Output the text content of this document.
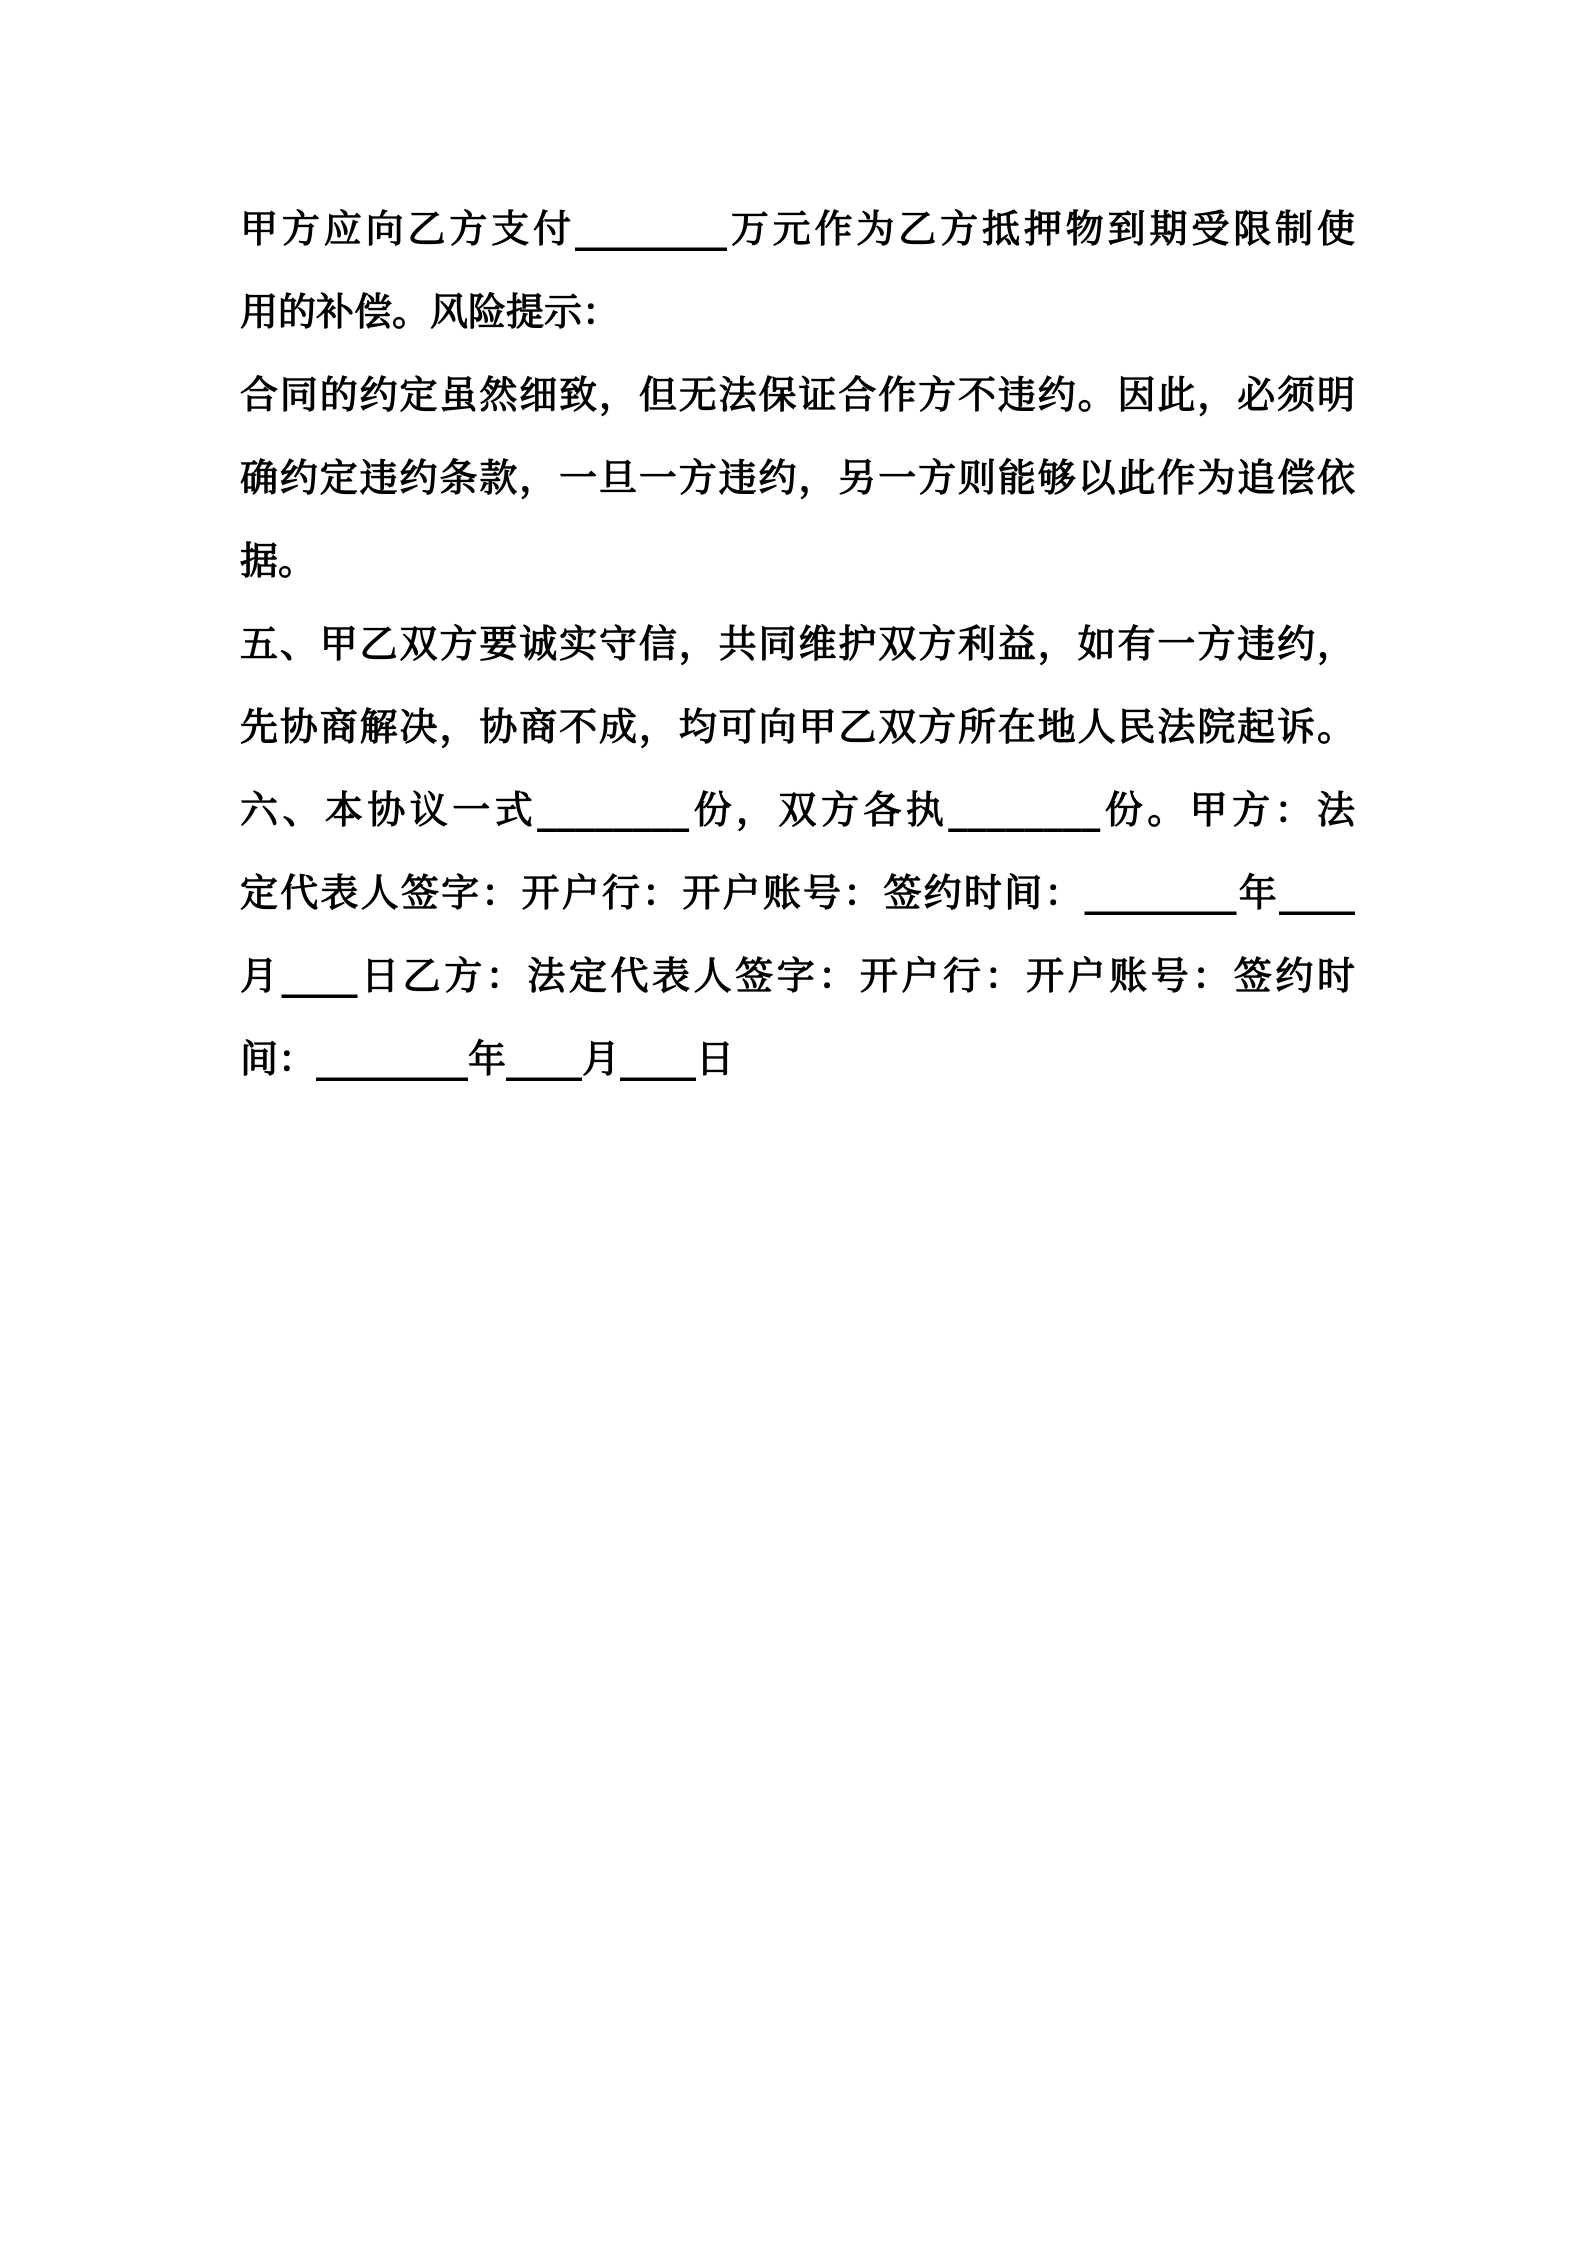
甲方应向乙方支付________万元作为乙方抵押物到期受限制使
用的补偿。风险提示：
合同的约定虽然细致，但无法保证合作方不违约。因此，必须明
确约定违约条款，一旦一方违约，另一方则能够以此作为追偿依
据。
五、甲乙双方要诚实守信，共同维护双方利益，如有一方违约，
先协商解决，协商不成，均可向甲乙双方所在地人民法院起诉。
六、本协议一式________份，双方各执________份。甲方：法
定代表人签字：开户行：开户账号：签约时间：________年____
月____日乙方：法定代表人签字：开户行：开户账号：签约时
间：________年____月____日
